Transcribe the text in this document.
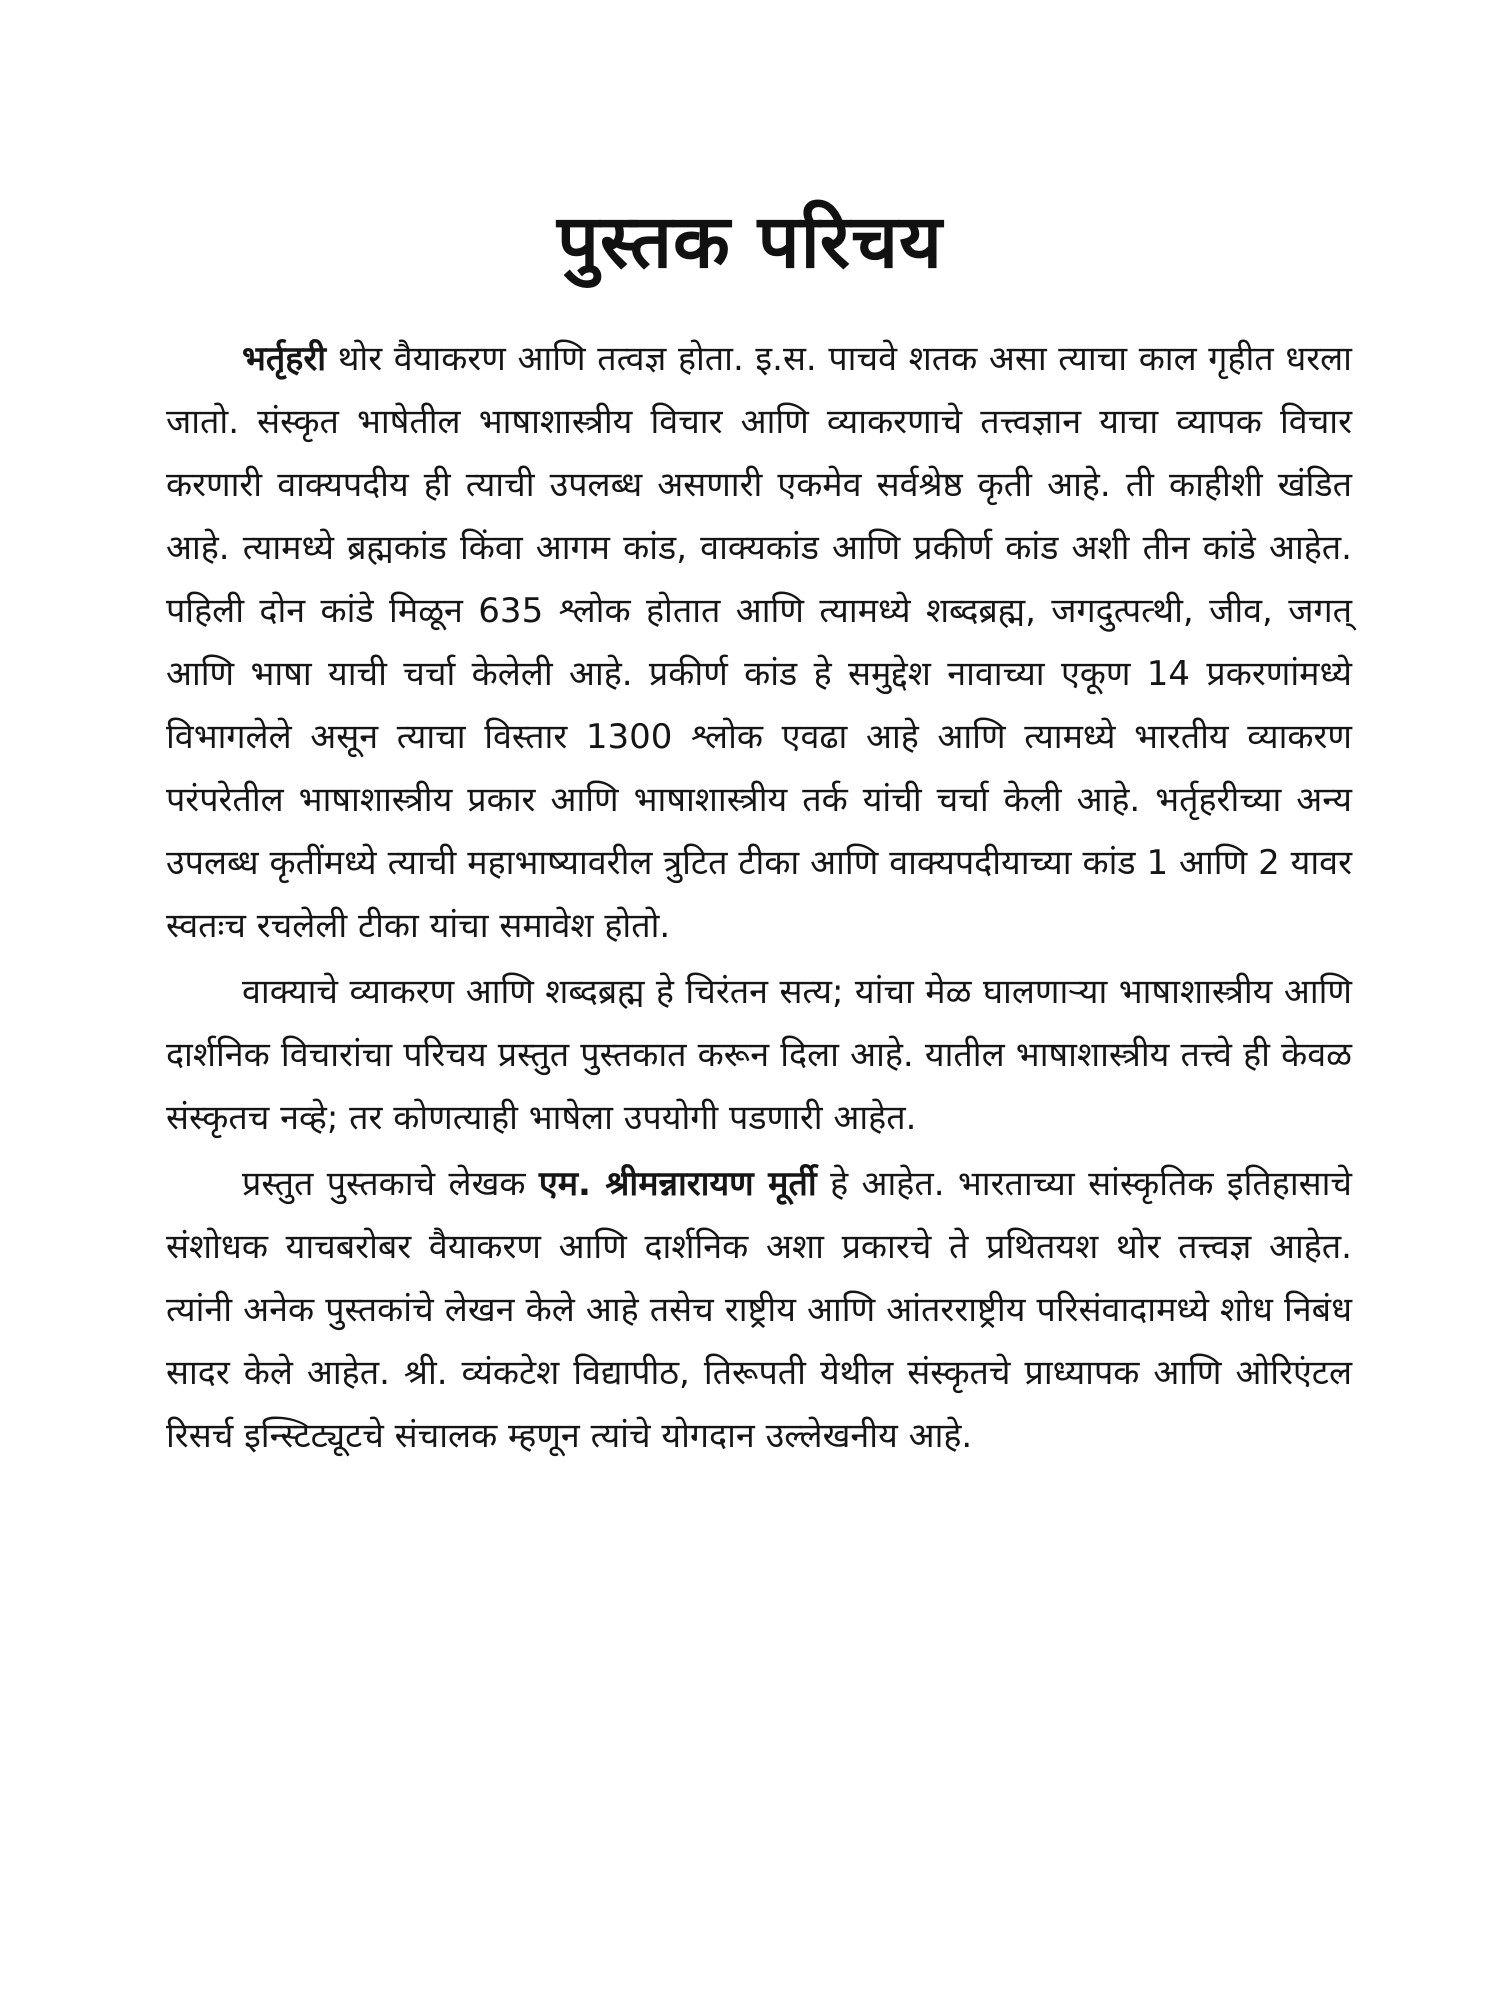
पुस्तक परिचय

भर्तृहरी थोर वैयाकरण आणि तत्वज्ञ होता. इ.स. पाचवे शतक असा त्याचा काल गृहीत धरला जातो. संस्कृत भाषेतील भाषाशास्त्रीय विचार आणि व्याकरणाचे तत्त्वज्ञान याचा व्यापक विचार करणारी वाक्यपदीय ही त्याची उपलब्ध असणारी एकमेव सर्वश्रेष्ठ कृती आहे. ती काहीशी खंडित आहे. त्यामध्ये ब्रह्मकांड किंवा आगम कांड, वाक्यकांड आणि प्रकीर्ण कांड अशी तीन कांडे आहेत. पहिली दोन कांडे मिळून 635 श्लोक होतात आणि त्यामध्ये शब्दब्रह्म, जगदुत्पत्थी, जीव, जगत् आणि भाषा याची चर्चा केलेली आहे. प्रकीर्ण कांड हे समुद्देश नावाच्या एकूण 14 प्रकरणांमध्ये विभागलेले असून त्याचा विस्तार 1300 श्लोक एवढा आहे आणि त्यामध्ये भारतीय व्याकरण परंपरेतील भाषाशास्त्रीय प्रकार आणि भाषाशास्त्रीय तर्क यांची चर्चा केली आहे. भर्तृहरीच्या अन्य उपलब्ध कृतींमध्ये त्याची महाभाष्यावरील त्रुटित टीका आणि वाक्यपदीयाच्या कांड 1 आणि 2 यावर स्वतःच रचलेली टीका यांचा समावेश होतो.

वाक्याचे व्याकरण आणि शब्दब्रह्म हे चिरंतन सत्य; यांचा मेळ घालणाऱ्या भाषाशास्त्रीय आणि दार्शनिक विचारांचा परिचय प्रस्तुत पुस्तकात करून दिला आहे. यातील भाषाशास्त्रीय तत्त्वे ही केवळ संस्कृतच नव्हे; तर कोणत्याही भाषेला उपयोगी पडणारी आहेत.

प्रस्तुत पुस्तकाचे लेखक एम. श्रीमन्नारायण मूर्ती हे आहेत. भारताच्या सांस्कृतिक इतिहासाचे संशोधक याचबरोबर वैयाकरण आणि दार्शनिक अशा प्रकारचे ते प्रथितयश थोर तत्त्वज्ञ आहेत. त्यांनी अनेक पुस्तकांचे लेखन केले आहे तसेच राष्ट्रीय आणि आंतरराष्ट्रीय परिसंवादामध्ये शोध निबंध सादर केले आहेत. श्री. व्यंकटेश विद्यापीठ, तिरूपती येथील संस्कृतचे प्राध्यापक आणि ओरिएंटल रिसर्च इन्स्टिट्यूटचे संचालक म्हणून त्यांचे योगदान उल्लेखनीय आहे.
